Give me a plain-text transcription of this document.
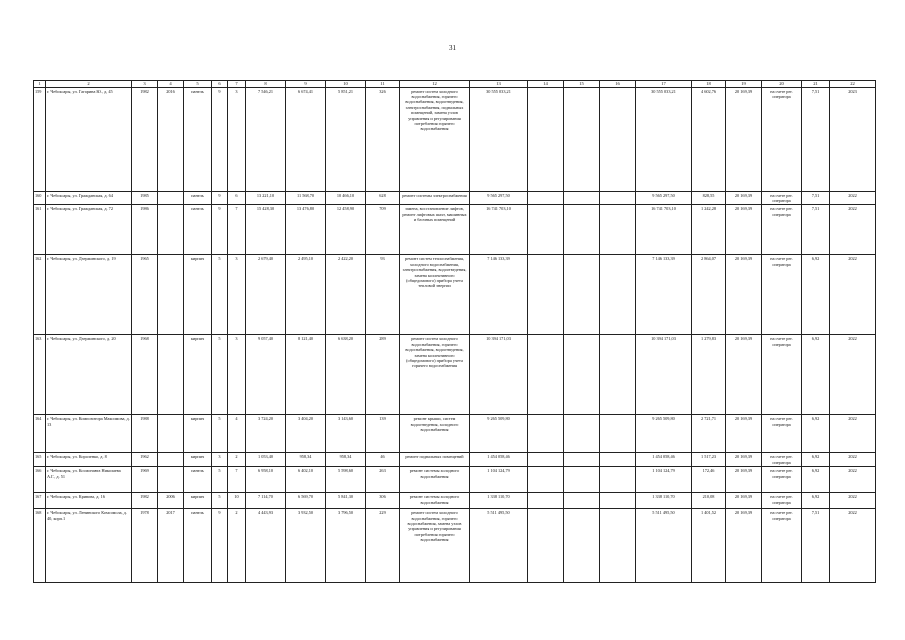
31
1	2	3	4	5	6	7	8	9	10	11	12	13	14	15	16	17	18	19	20	21	22
159	г. Чебоксары, ул. Гагарина Ю., д. 45	1982	2016	панель	9	3	7 546,21	6 674,41	5 851,21	326	ремонт систем холодного водоснабжения, горячего водоснабжения, водоотведения, электроснабжения, подвальных помещений, замена узлов управления и регулирования потребления горячего водоснабжения	30 555 033,21				30 555 033,21	4 602,76	20 169,39	на счете рег. оператора	7,51	2023
160	г. Чебоксары, ул. Гражданская, д. 64	1985		панель	9	6	13 221,10	11 568,70	10 466,10	628	ремонт системы электроснабжения	9 565 297,50				9 565 297,50	828,55	20 169,39	на счете рег. оператора	7,51	2022
161	г. Чебоксары, ул. Гражданская, д. 72	1986		панель	9	7	15 428,30	13 476,80	12 458,90	709	замена, восстановление лифтов, ремонт лифтовых шахт, машинных и блочных помещений	16 741 703,10				16 741 703,10	1 242,28	20 169,39	на счете рег. оператора	7,51	2022
162	г. Чебоксары, ул. Дзержинского, д. 19	1965		кирпич	5	3	2 679,40	2 495,10	2 422,20	93	ремонт систем теплоснабжения, холодного водоснабжения, электроснабжения, водоотведения, замена коллективного (общедомового) прибора учета тепловой энергии	7 146 133,39				7 146 133,39	2 864,07	20 169,39	на счете рег. оператора	6,92	2022
163	г. Чебоксары, ул. Дзержинского, д. 20	1968		кирпич	5	3	9 057,40	8 121,40	6 638,20	289	ремонт систем холодного водоснабжения, горячего водоснабжения, водоотведения, замена коллективного (общедомового) прибора учета горячего водоснабжения	10 394 171,03				10 394 171,03	1 279,83	20 169,39	на счете рег. оператора	6,92	2022
164	г. Чебоксары, ул. Композитора Максимова, д. 13	1988		кирпич	5	4	3 724,20	3 404,20	3 143,60	139	ремонт крыши, систем водоотведения, холодного водоснабжения	9 265 509,80				9 265 509,80	2 721,71	20 169,39	на счете рег. оператора	6,92	2022
165	г. Чебоксары, ул. Короленко, д. 8	1962		кирпич	3	2	1 053,40	958,34	958,34	46	ремонт подвальных помещений	1 454 058,46				1 454 058,46	1 517,23	20 169,39	на счете рег. оператора	6,92	2022
166	г. Чебоксары, ул. Космонавта Николаева А.Г., д. 51	1969		панель	5	7	6 958,10	6 402,10	5 598,60	263	ремонт системы холодного водоснабжения	1 104 124,79				1 104 124,79	172,46	20 169,39	на счете рег. оператора	6,92	2022
167	г. Чебоксары, ул. Кривова, д. 16	1982	2006	кирпич	5	10	7 114,70	6 569,70	5 841,30	306	ремонт системы холодного водоснабжения	1 338 110,70				1 338 110,70	210,08	20 169,39	на счете рег. оператора	6,92	2022
168	г. Чебоксары, ул. Ленинского Комсомола, д. 40, корп.1	1978	2017	панель	9	2	4 443,93	3 932,50	3 796,50	229	ремонт систем холодного водоснабжения, горячего водоснабжения, замена узлов управления и регулирования потребления горячего водоснабжения	5 511 495,50				5 511 495,50	1 401,52	20 169,39	на счете рег. оператора	7,51	2022
